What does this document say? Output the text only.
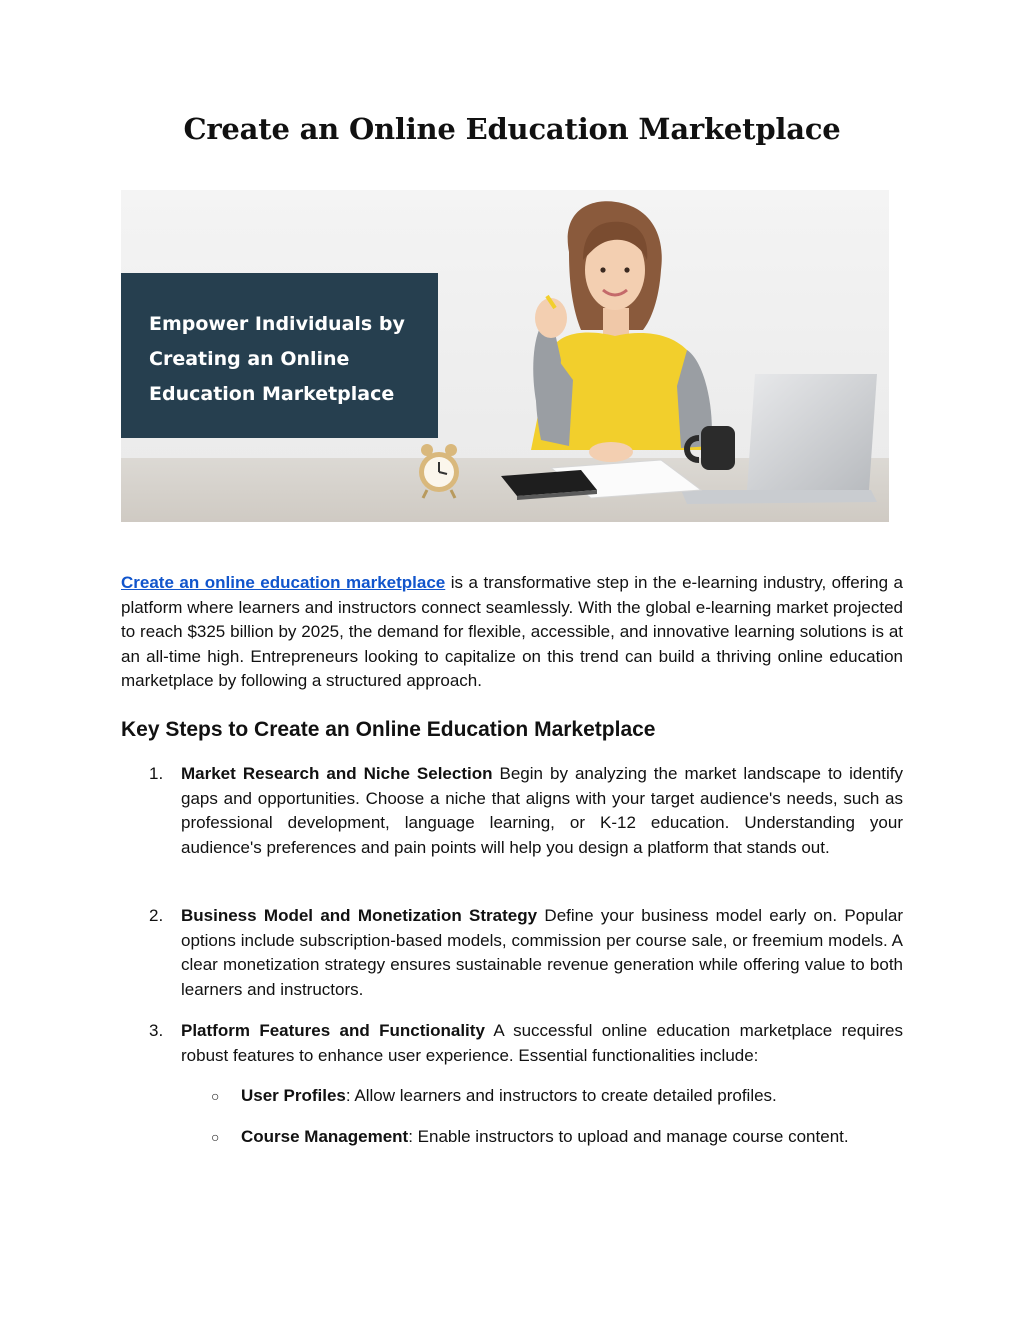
Create an Online Education Marketplace
Empower Individuals by
Creating an Online
Education Marketplace

Create an online education marketplace is a transformative step in the e-learning industry, offering a platform where learners and instructors connect seamlessly. With the global e-learning market projected to reach $325 billion by 2025, the demand for flexible, accessible, and innovative learning solutions is at an all-time high. Entrepreneurs looking to capitalize on this trend can build a thriving online education marketplace by following a structured approach.

Key Steps to Create an Online Education Marketplace

1. Market Research and Niche Selection Begin by analyzing the market landscape to identify gaps and opportunities. Choose a niche that aligns with your target audience's needs, such as professional development, language learning, or K-12 education. Understanding your audience's preferences and pain points will help you design a platform that stands out.

2. Business Model and Monetization Strategy Define your business model early on. Popular options include subscription-based models, commission per course sale, or freemium models. A clear monetization strategy ensures sustainable revenue generation while offering value to both learners and instructors.

3. Platform Features and Functionality A successful online education marketplace requires robust features to enhance user experience. Essential functionalities include:

○ User Profiles: Allow learners and instructors to create detailed profiles.

○ Course Management: Enable instructors to upload and manage course content.
